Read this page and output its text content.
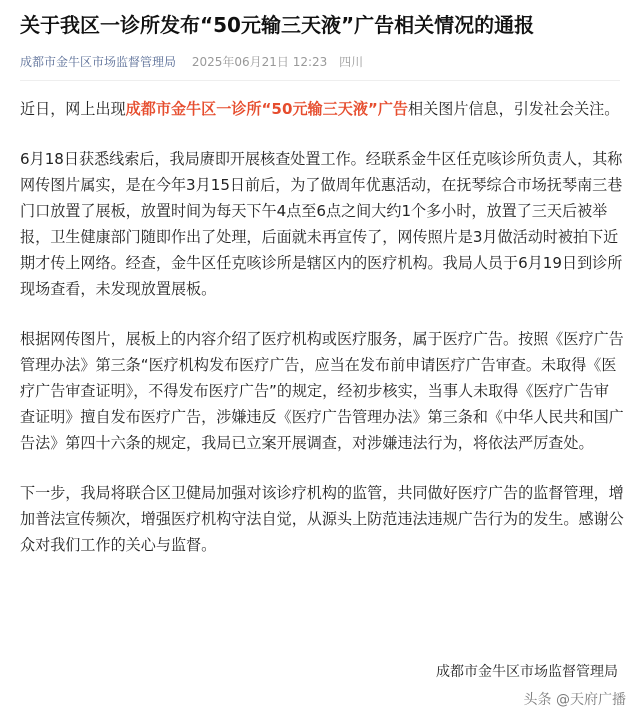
关于我区一诊所发布“50元输三天液”广告相关情况的通报
成都市金牛区市场监督管理局 2025年06月21日 12:23 四川

近日，网上出现成都市金牛区一诊所“50元输三天液”广告相关图片信息，引发社会关注。

6月18日获悉线索后，我局赓即开展核查处置工作。经联系金牛区任克咳诊所负责人，其称网传图片属实，是在今年3月15日前后，为了做周年优惠活动，在抚琴综合市场抚琴南三巷门口放置了展板，放置时间为每天下午4点至6点之间大约1个多小时，放置了三天后被举报，卫生健康部门随即作出了处理，后面就未再宣传了，网传照片是3月做活动时被拍下近期才传上网络。经查，金牛区任克咳诊所是辖区内的医疗机构。我局人员于6月19日到诊所现场查看，未发现放置展板。

根据网传图片，展板上的内容介绍了医疗机构或医疗服务，属于医疗广告。按照《医疗广告管理办法》第三条“医疗机构发布医疗广告，应当在发布前申请医疗广告审查。未取得《医疗广告审查证明》，不得发布医疗广告”的规定，经初步核实，当事人未取得《医疗广告审查证明》擅自发布医疗广告，涉嫌违反《医疗广告管理办法》第三条和《中华人民共和国广告法》第四十六条的规定，我局已立案开展调查，对涉嫌违法行为，将依法严厉查处。

下一步，我局将联合区卫健局加强对该诊疗机构的监管，共同做好医疗广告的监督管理，增加普法宣传频次，增强医疗机构守法自觉，从源头上防范违法违规广告行为的发生。感谢公众对我们工作的关心与监督。

成都市金牛区市场监督管理局
头条 @天府广播
